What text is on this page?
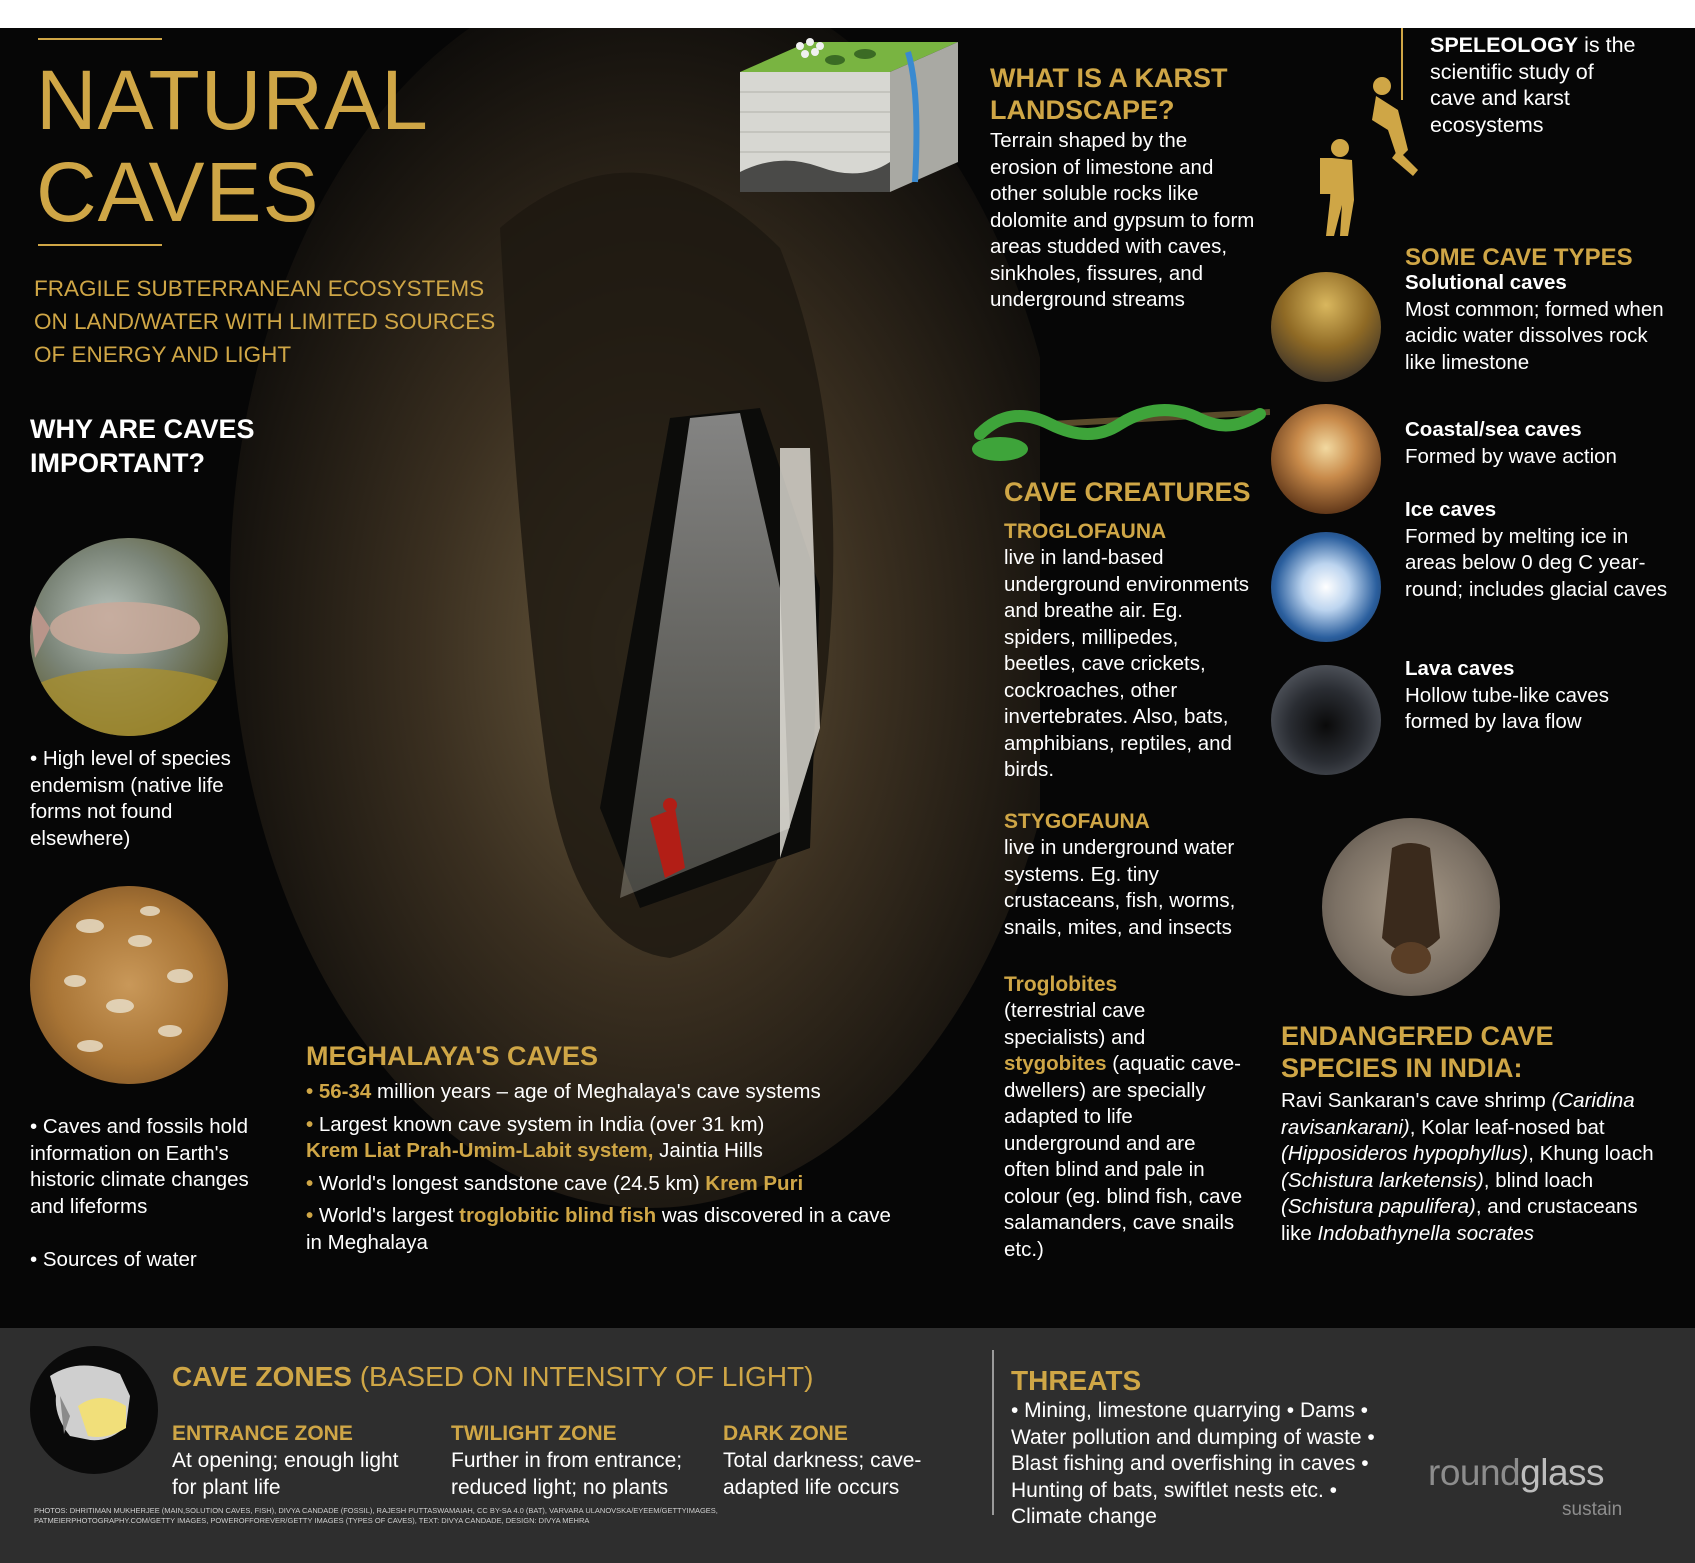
NATURAL
CAVES
FRAGILE SUBTERRANEAN ECOSYSTEMS ON LAND/WATER WITH LIMITED SOURCES OF ENERGY AND LIGHT
WHY ARE CAVES
IMPORTANT?
• High level of species endemism (native life forms not found elsewhere)
• Caves and fossils hold information on Earth's historic climate changes and lifeforms
• Sources of water
WHAT IS A KARST
LANDSCAPE?
Terrain shaped by the erosion of limestone and other soluble rocks like dolomite and gypsum to form areas studded with caves, sinkholes, fissures, and underground streams
SPELEOLOGY is the scientific study of cave and karst ecosystems
SOME CAVE TYPES
Solutional caves
Most common; formed when acidic water dissolves rock like limestone
Coastal/sea caves
Formed by wave action
Ice caves
Formed by melting ice in areas below 0 deg C year-round; includes glacial caves
Lava caves
Hollow tube-like caves formed by lava flow
CAVE CREATURES
TROGLOFAUNA
live in land-based underground environments and breathe air. Eg. spiders, millipedes, beetles, cave crickets, cockroaches, other invertebrates. Also, bats, amphibians, reptiles, and birds.
STYGOFAUNA
live in underground water systems. Eg. tiny crustaceans, fish, worms, snails, mites, and insects
Troglobites
(terrestrial cave specialists) and stygobites (aquatic cave-dwellers) are specially adapted to life underground and are often blind and pale in colour (eg. blind fish, cave salamanders, cave snails etc.)
ENDANGERED CAVE
SPECIES IN INDIA:
Ravi Sankaran's cave shrimp (Caridina ravisankarani), Kolar leaf-nosed bat (Hipposideros hypophyllus), Khung loach (Schistura larketensis), blind loach (Schistura papulifera), and crustaceans like Indobathynella socrates
MEGHALAYA'S CAVES
• 56-34 million years – age of Meghalaya's cave systems
• Largest known cave system in India (over 31 km)
Krem Liat Prah-Umim-Labit system, Jaintia Hills
• World's longest sandstone cave (24.5 km) Krem Puri
• World's largest troglobitic blind fish was discovered in a cave in Meghalaya
CAVE ZONES (BASED ON INTENSITY OF LIGHT)
ENTRANCE ZONE
At opening; enough light for plant life
TWILIGHT ZONE
Further in from entrance; reduced light; no plants
DARK ZONE
Total darkness; cave-adapted life occurs
THREATS
• Mining, limestone quarrying • Dams • Water pollution and dumping of waste • Blast fishing and overfishing in caves • Hunting of bats, swiftlet nests etc. • Climate change
roundglass
sustain
PHOTOS: DHRITIMAN MUKHERJEE (MAIN,SOLUTION CAVES, FISH), DIVYA CANDADE (FOSSIL), RAJESH PUTTASWAMAIAH, CC BY-SA 4.0 (BAT), VARVARA ULANOVSKA/EYEEM/GETTYIMAGES, PATMEIERPHOTOGRAPHY.COM/GETTY IMAGES, POWEROFFOREVER/GETTY IMAGES (TYPES OF CAVES), TEXT: DIVYA CANDADE, DESIGN: DIVYA MEHRA
